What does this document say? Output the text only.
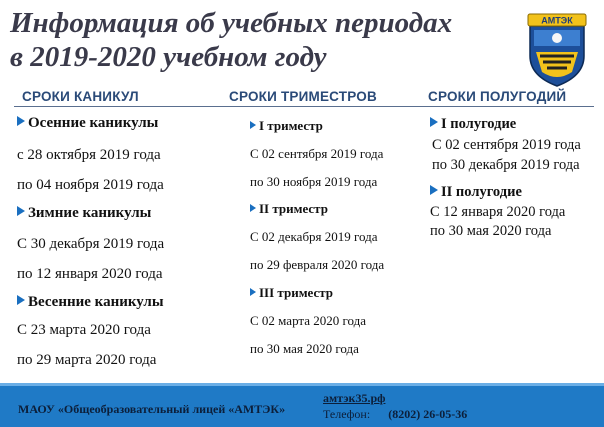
Информация об учебных периодах
в 2019-2020 учебном году
АМТЭК
СРОКИ КАНИКУЛ	СРОКИ ТРИМЕСТРОВ	СРОКИ ПОЛУГОДИЙ
Осенние каникулы
с 28 октября 2019 года
по 04 ноября 2019 года
Зимние каникулы
С 30 декабря 2019 года
по 12 января 2020 года
Весенние каникулы
С 23 марта 2020 года
по 29 марта 2020 года
I триместр
С 02 сентября 2019 года
по 30 ноября 2019 года
II триместр
С 02 декабря 2019 года
по 29 февраля 2020 года
III триместр
С 02 марта 2020 года
по 30 мая 2020 года
I полугодие
С 02 сентября 2019 года
по 30 декабря 2019 года
II полугодие
С 12 января 2020 года
по 30 мая 2020 года
МАОУ «Общеобразовательный лицей «АМТЭК»
амтэк35.рф
Телефон: (8202) 26-05-36
